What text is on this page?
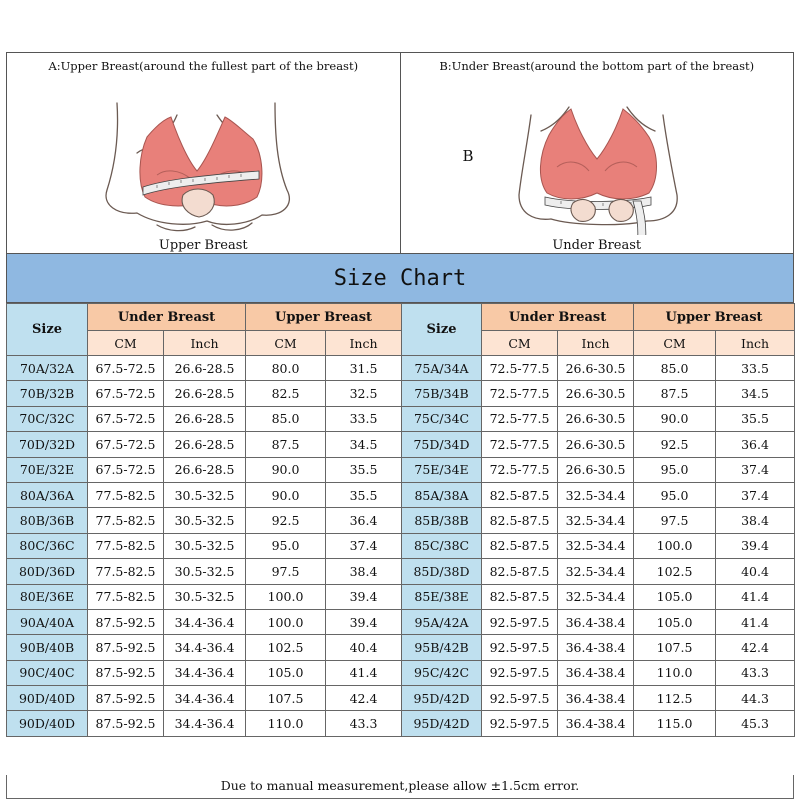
A:Upper Breast(around the fullest part of the breast)
Upper Breast
B:Under Breast(around the bottom part of the breast)
B
Under Breast
Size Chart
Size	Under Breast		Upper Breast		Size	Under Breast		Upper Breast	
	CM	Inch	CM	Inch		CM	Inch	CM	Inch
70A/32A	67.5-72.5	26.6-28.5	80.0	31.5	75A/34A	72.5-77.5	26.6-30.5	85.0	33.5
70B/32B	67.5-72.5	26.6-28.5	82.5	32.5	75B/34B	72.5-77.5	26.6-30.5	87.5	34.5
70C/32C	67.5-72.5	26.6-28.5	85.0	33.5	75C/34C	72.5-77.5	26.6-30.5	90.0	35.5
70D/32D	67.5-72.5	26.6-28.5	87.5	34.5	75D/34D	72.5-77.5	26.6-30.5	92.5	36.4
70E/32E	67.5-72.5	26.6-28.5	90.0	35.5	75E/34E	72.5-77.5	26.6-30.5	95.0	37.4
80A/36A	77.5-82.5	30.5-32.5	90.0	35.5	85A/38A	82.5-87.5	32.5-34.4	95.0	37.4
80B/36B	77.5-82.5	30.5-32.5	92.5	36.4	85B/38B	82.5-87.5	32.5-34.4	97.5	38.4
80C/36C	77.5-82.5	30.5-32.5	95.0	37.4	85C/38C	82.5-87.5	32.5-34.4	100.0	39.4
80D/36D	77.5-82.5	30.5-32.5	97.5	38.4	85D/38D	82.5-87.5	32.5-34.4	102.5	40.4
80E/36E	77.5-82.5	30.5-32.5	100.0	39.4	85E/38E	82.5-87.5	32.5-34.4	105.0	41.4
90A/40A	87.5-92.5	34.4-36.4	100.0	39.4	95A/42A	92.5-97.5	36.4-38.4	105.0	41.4
90B/40B	87.5-92.5	34.4-36.4	102.5	40.4	95B/42B	92.5-97.5	36.4-38.4	107.5	42.4
90C/40C	87.5-92.5	34.4-36.4	105.0	41.4	95C/42C	92.5-97.5	36.4-38.4	110.0	43.3
90D/40D	87.5-92.5	34.4-36.4	107.5	42.4	95D/42D	92.5-97.5	36.4-38.4	112.5	44.3
90D/40D	87.5-92.5	34.4-36.4	110.0	43.3	95D/42D	92.5-97.5	36.4-38.4	115.0	45.3
Due to manual measurement,please allow ±1.5cm error.
